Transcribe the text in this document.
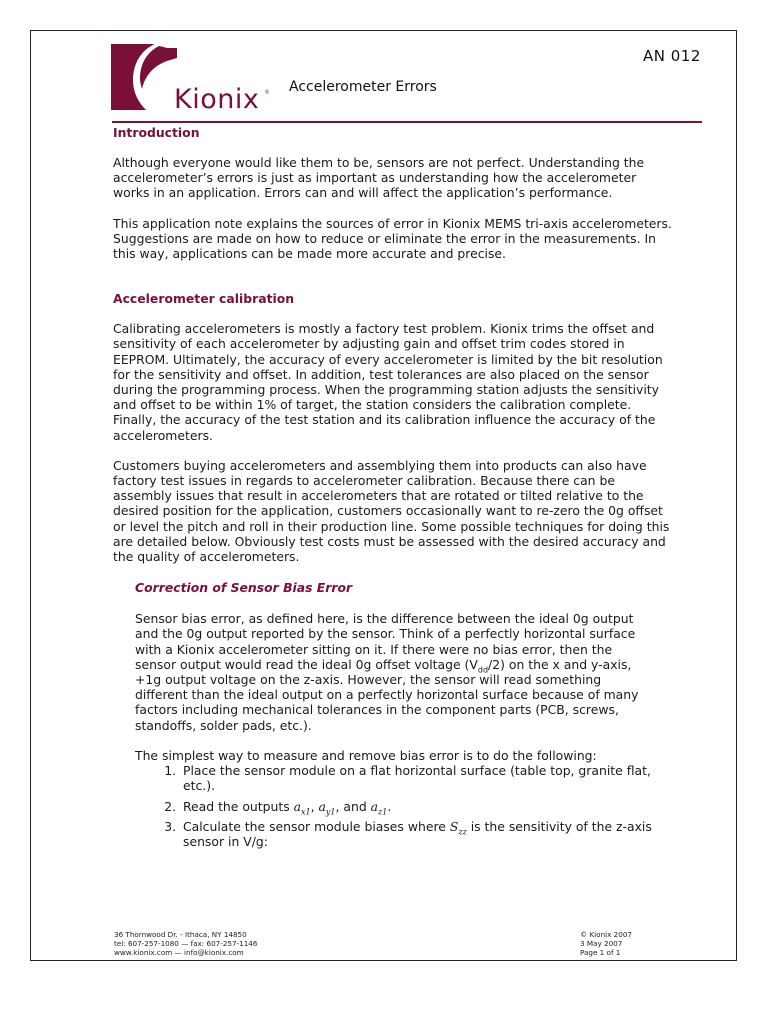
Kionix ®
AN 012
Accelerometer Errors
Introduction

Although everyone would like them to be, sensors are not perfect. Understanding the accelerometer’s errors is just as important as understanding how the accelerometer works in an application. Errors can and will affect the application’s performance.

This application note explains the sources of error in Kionix MEMS tri-axis accelerometers. Suggestions are made on how to reduce or eliminate the error in the measurements. In this way, applications can be made more accurate and precise.

Accelerometer calibration

Calibrating accelerometers is mostly a factory test problem. Kionix trims the offset and sensitivity of each accelerometer by adjusting gain and offset trim codes stored in EEPROM. Ultimately, the accuracy of every accelerometer is limited by the bit resolution for the sensitivity and offset. In addition, test tolerances are also placed on the sensor during the programming process. When the programming station adjusts the sensitivity and offset to be within 1% of target, the station considers the calibration complete. Finally, the accuracy of the test station and its calibration influence the accuracy of the accelerometers.

Customers buying accelerometers and assemblying them into products can also have factory test issues in regards to accelerometer calibration. Because there can be assembly issues that result in accelerometers that are rotated or tilted relative to the desired position for the application, customers occasionally want to re-zero the 0g offset or level the pitch and roll in their production line. Some possible techniques for doing this are detailed below. Obviously test costs must be assessed with the desired accuracy and the quality of accelerometers.

Correction of Sensor Bias Error

Sensor bias error, as defined here, is the difference between the ideal 0g output and the 0g output reported by the sensor. Think of a perfectly horizontal surface with a Kionix accelerometer sitting on it. If there were no bias error, then the sensor output would read the ideal 0g offset voltage $(V_{dd}/2)$ on the x and y-axis, +1g output voltage on the z-axis. However, the sensor will read something different than the ideal output on a perfectly horizontal surface because of many factors including mechanical tolerances in the component parts (PCB, screws, standoffs, solder pads, etc.).

The simplest way to measure and remove bias error is to do the following:

1. Place the sensor module on a flat horizontal surface (table top, granite flat, etc.).
2. Read the outputs $a_{x1}$, $a_{y1}$, and $a_{z1}$.
3. Calculate the sensor module biases where $S_{zz}$ is the sensitivity of the z-axis sensor in V/g:
36 Thornwood Dr. - Ithaca, NY 14850
tel: 607-257-1080 — fax: 607-257-1146
www.kionix.com — info@kionix.com
© Kionix 2007
3 May 2007
Page 1 of 1
